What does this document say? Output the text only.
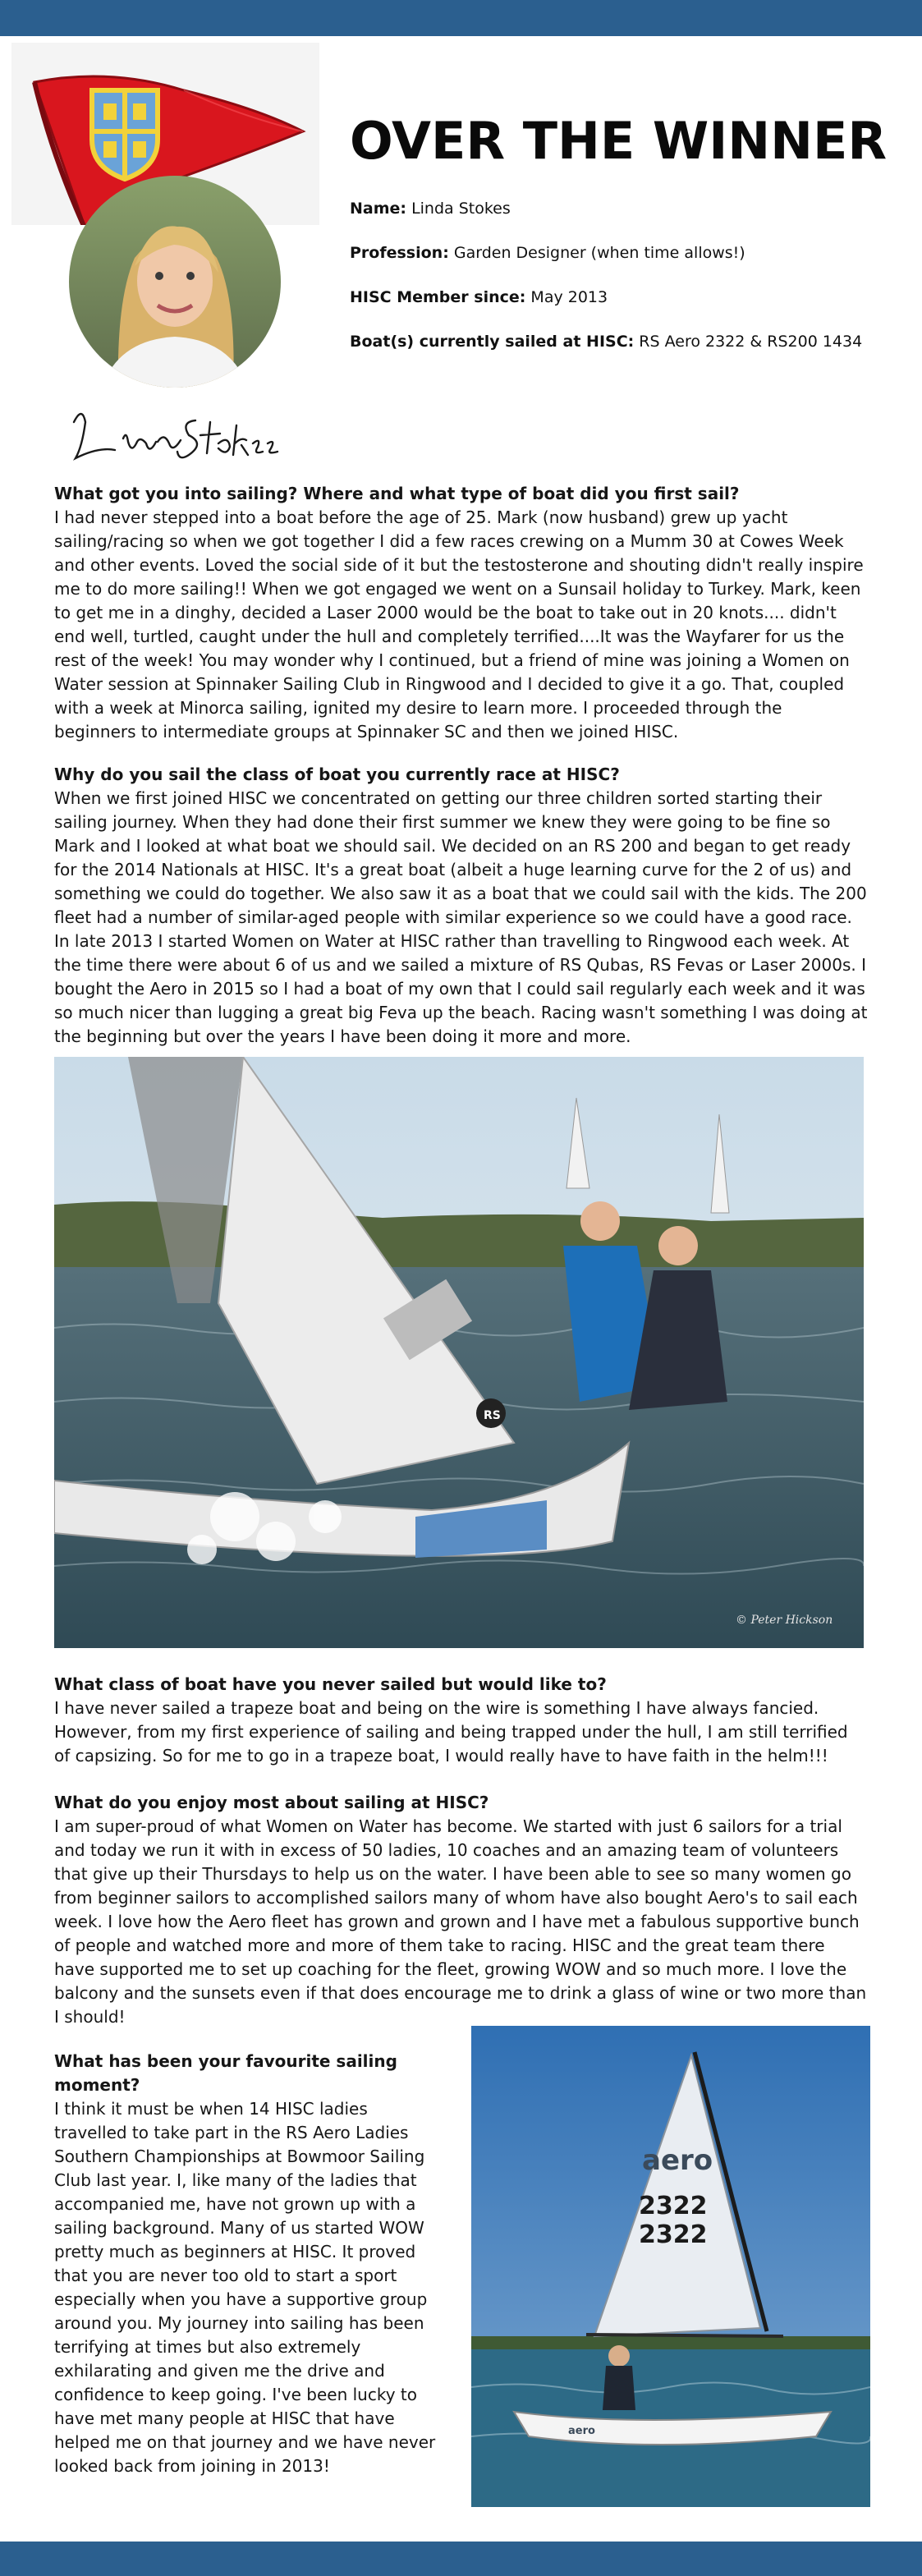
OVER THE WINNER

Name: Linda Stokes

Profession: Garden Designer (when time allows!)

HISC Member since: May 2013

Boat(s) currently sailed at HISC: RS Aero 2322 & RS200 1434

What got you into sailing? Where and what type of boat did you first sail?
I had never stepped into a boat before the age of 25. Mark (now husband) grew up yacht sailing/racing so when we got together I did a few races crewing on a Mumm 30 at Cowes Week and other events. Loved the social side of it but the testosterone and shouting didn't really inspire me to do more sailing!! When we got engaged we went on a Sunsail holiday to Turkey. Mark, keen to get me in a dinghy, decided a Laser 2000 would be the boat to take out in 20 knots.... didn't end well, turtled, caught under the hull and completely terrified....It was the Wayfarer for us the rest of the week! You may wonder why I continued, but a friend of mine was joining a Women on Water session at Spinnaker Sailing Club in Ringwood and I decided to give it a go. That, coupled with a week at Minorca sailing, ignited my desire to learn more. I proceeded through the beginners to intermediate groups at Spinnaker SC and then we joined HISC.
Why do you sail the class of boat you currently race at HISC?
When we first joined HISC we concentrated on getting our three children sorted starting their sailing journey. When they had done their first summer we knew they were going to be fine so Mark and I looked at what boat we should sail. We decided on an RS 200 and began to get ready for the 2014 Nationals at HISC. It's a great boat (albeit a huge learning curve for the 2 of us) and something we could do together. We also saw it as a boat that we could sail with the kids. The 200 fleet had a number of similar-aged people with similar experience so we could have a good race. In late 2013 I started Women on Water at HISC rather than travelling to Ringwood each week. At the time there were about 6 of us and we sailed a mixture of RS Qubas, RS Fevas or Laser 2000s. I bought the Aero in 2015 so I had a boat of my own that I could sail regularly each week and it was so much nicer than lugging a great big Feva up the beach. Racing wasn't something I was doing at the beginning but over the years I have been doing it more and more.
RS
© Peter Hickson
What class of boat have you never sailed but would like to?
I have never sailed a trapeze boat and being on the wire is something I have always fancied. However, from my first experience of sailing and being trapped under the hull, I am still terrified of capsizing. So for me to go in a trapeze boat, I would really have to have faith in the helm!!!
What do you enjoy most about sailing at HISC?
I am super-proud of what Women on Water has become. We started with just 6 sailors for a trial and today we run it with in excess of 50 ladies, 10 coaches and an amazing team of volunteers that give up their Thursdays to help us on the water. I have been able to see so many women go from beginner sailors to accomplished sailors many of whom have also bought Aero's to sail each week. I love how the Aero fleet has grown and grown and I have met a fabulous supportive bunch of people and watched more and more of them take to racing. HISC and the great team there have supported me to set up coaching for the fleet, growing WOW and so much more. I love the balcony and the sunsets even if that does encourage me to drink a glass of wine or two more than I should!
What has been your favourite sailing moment?
I think it must be when 14 HISC ladies travelled to take part in the RS Aero Ladies Southern Championships at Bowmoor Sailing Club last year. I, like many of the ladies that accompanied me, have not grown up with a sailing background. Many of us started WOW pretty much as beginners at HISC. It proved that you are never too old to start a sport especially when you have a supportive group around you. My journey into sailing has been terrifying at times but also extremely exhilarating and given me the drive and confidence to keep going. I've been lucky to have met many people at HISC that have helped me on that journey and we have never looked back from joining in 2013!
aero
2322
2322
aero
